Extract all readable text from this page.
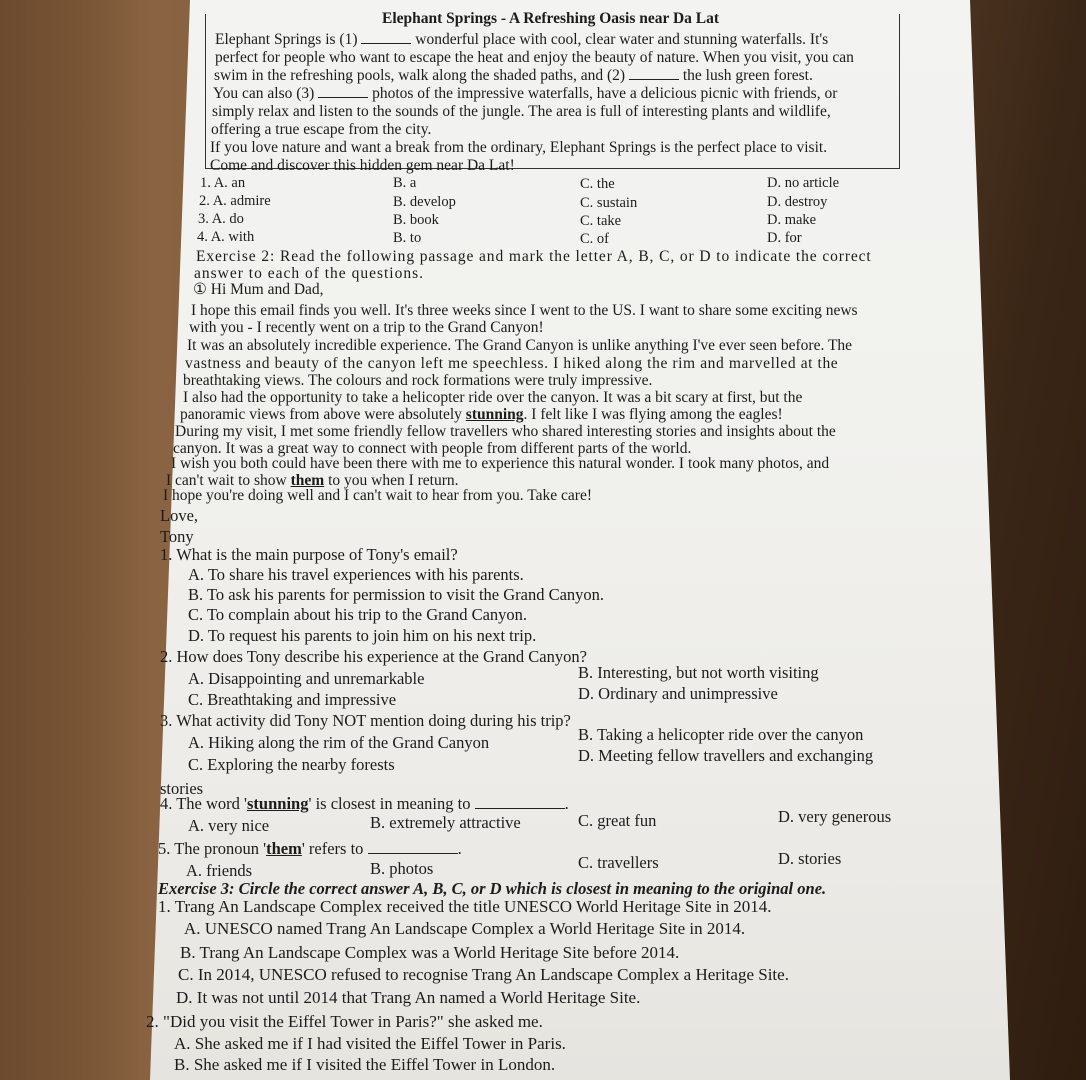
Elephant Springs - A Refreshing Oasis near Da Lat
Elephant Springs is (1)	wonderful place with cool, clear water and stunning waterfalls. It's
perfect for people who want to escape the heat and enjoy the beauty of nature. When you visit, you can
swim in the refreshing pools, walk along the shaded paths, and (2)	the lush green forest.
You can also (3)	photos of the impressive waterfalls, have a delicious picnic with friends, or
simply relax and listen to the sounds of the jungle. The area is full of interesting plants and wildlife,
offering a true escape from the city.
If you love nature and want a break from the ordinary, Elephant Springs is the perfect place to visit.
Come and discover this hidden gem near Da Lat!
1. A. an	B. a	C. the	D. no article
2. A. admire	B. develop	C. sustain	D. destroy
3. A. do	B. book	C. take	D. make
4. A. with	B. to	C. of	D. for
Exercise 2: Read the following passage and mark the letter A, B, C, or D to indicate the correct
answer to each of the questions.
① Hi Mum and Dad,
I hope this email finds you well. It's three weeks since I went to the US. I want to share some exciting news
with you - I recently went on a trip to the Grand Canyon!
It was an absolutely incredible experience. The Grand Canyon is unlike anything I've ever seen before. The
vastness and beauty of the canyon left me speechless. I hiked along the rim and marvelled at the
breathtaking views. The colours and rock formations were truly impressive.
I also had the opportunity to take a helicopter ride over the canyon. It was a bit scary at first, but the
panoramic views from above were absolutely stunning. I felt like I was flying among the eagles!
During my visit, I met some friendly fellow travellers who shared interesting stories and insights about the
canyon. It was a great way to connect with people from different parts of the world.
I wish you both could have been there with me to experience this natural wonder. I took many photos, and
I can't wait to show them to you when I return.
I hope you're doing well and I can't wait to hear from you. Take care!
Love,
Tony
1. What is the main purpose of Tony's email?
A. To share his travel experiences with his parents.
B. To ask his parents for permission to visit the Grand Canyon.
C. To complain about his trip to the Grand Canyon.
D. To request his parents to join him on his next trip.
2. How does Tony describe his experience at the Grand Canyon?
A. Disappointing and unremarkable	B. Interesting, but not worth visiting
C. Breathtaking and impressive	D. Ordinary and unimpressive
3. What activity did Tony NOT mention doing during his trip?
A. Hiking along the rim of the Grand Canyon	B. Taking a helicopter ride over the canyon
C. Exploring the nearby forests	D. Meeting fellow travellers and exchanging
stories
4. The word 'stunning' is closest in meaning to	.
A. very nice	B. extremely attractive	C. great fun	D. very generous
5. The pronoun 'them' refers to	.
A. friends	B. photos	C. travellers	D. stories
Exercise 3: Circle the correct answer A, B, C, or D which is closest in meaning to the original one.
1. Trang An Landscape Complex received the title UNESCO World Heritage Site in 2014.
A. UNESCO named Trang An Landscape Complex a World Heritage Site in 2014.
B. Trang An Landscape Complex was a World Heritage Site before 2014.
C. In 2014, UNESCO refused to recognise Trang An Landscape Complex a Heritage Site.
D. It was not until 2014 that Trang An named a World Heritage Site.
2. "Did you visit the Eiffel Tower in Paris?" she asked me.
A. She asked me if I had visited the Eiffel Tower in Paris.
B. She asked me if I visited the Eiffel Tower in London.
